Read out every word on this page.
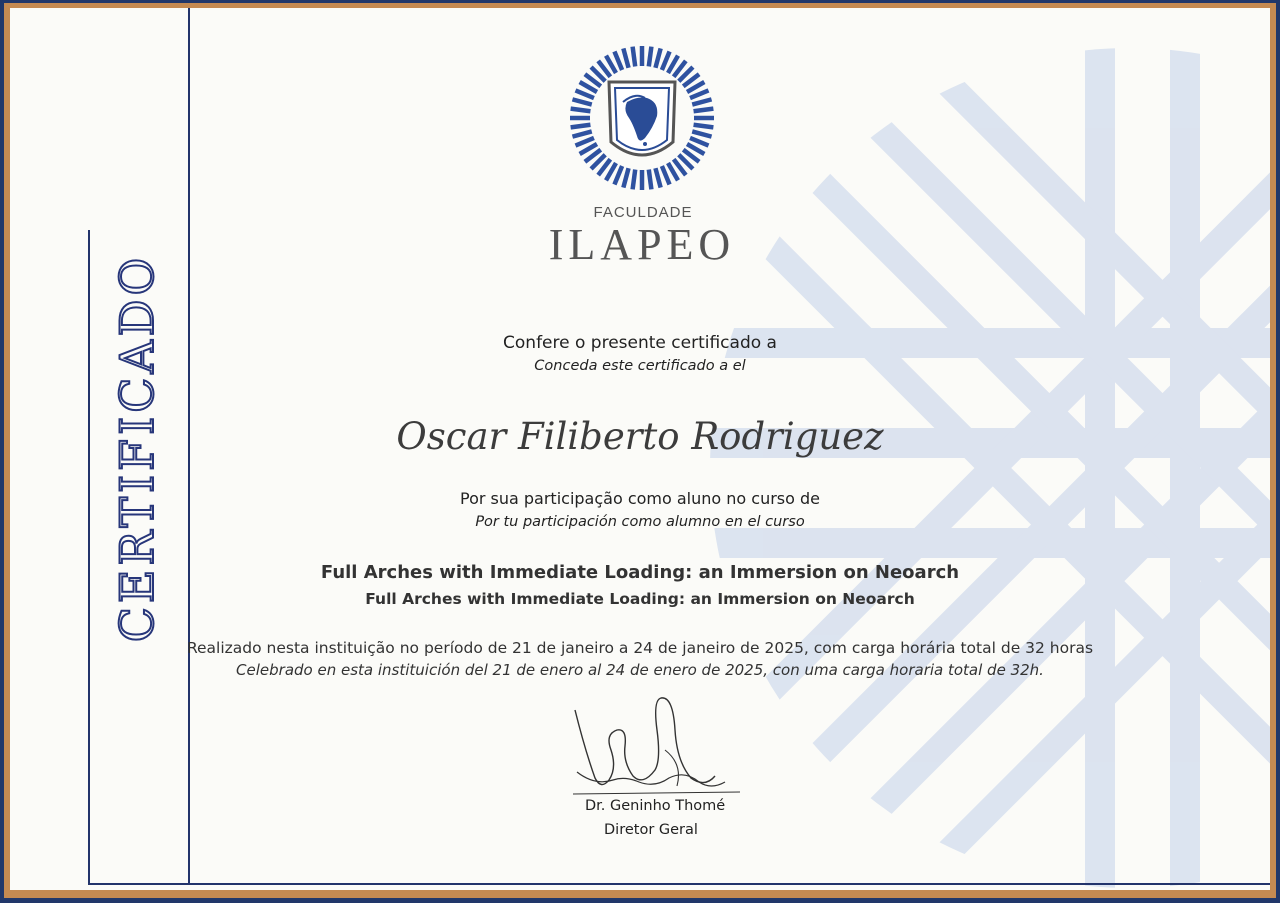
CERTIFICADO
FACULDADE
ILAPEO
Confere o presente certificado a
Conceda este certificado a el
Oscar Filiberto Rodriguez
Por sua participação como aluno no curso de
Por tu participación como alumno en el curso
Full Arches with Immediate Loading: an Immersion on Neoarch
Full Arches with Immediate Loading: an Immersion on Neoarch
Realizado nesta instituição no período de 21 de janeiro a 24 de janeiro de 2025, com carga horária total de 32 horas
Celebrado en esta instituición del 21 de enero al 24 de enero de 2025, con uma carga horaria total de 32h.
Dr. Geninho Thomé
Diretor Geral
